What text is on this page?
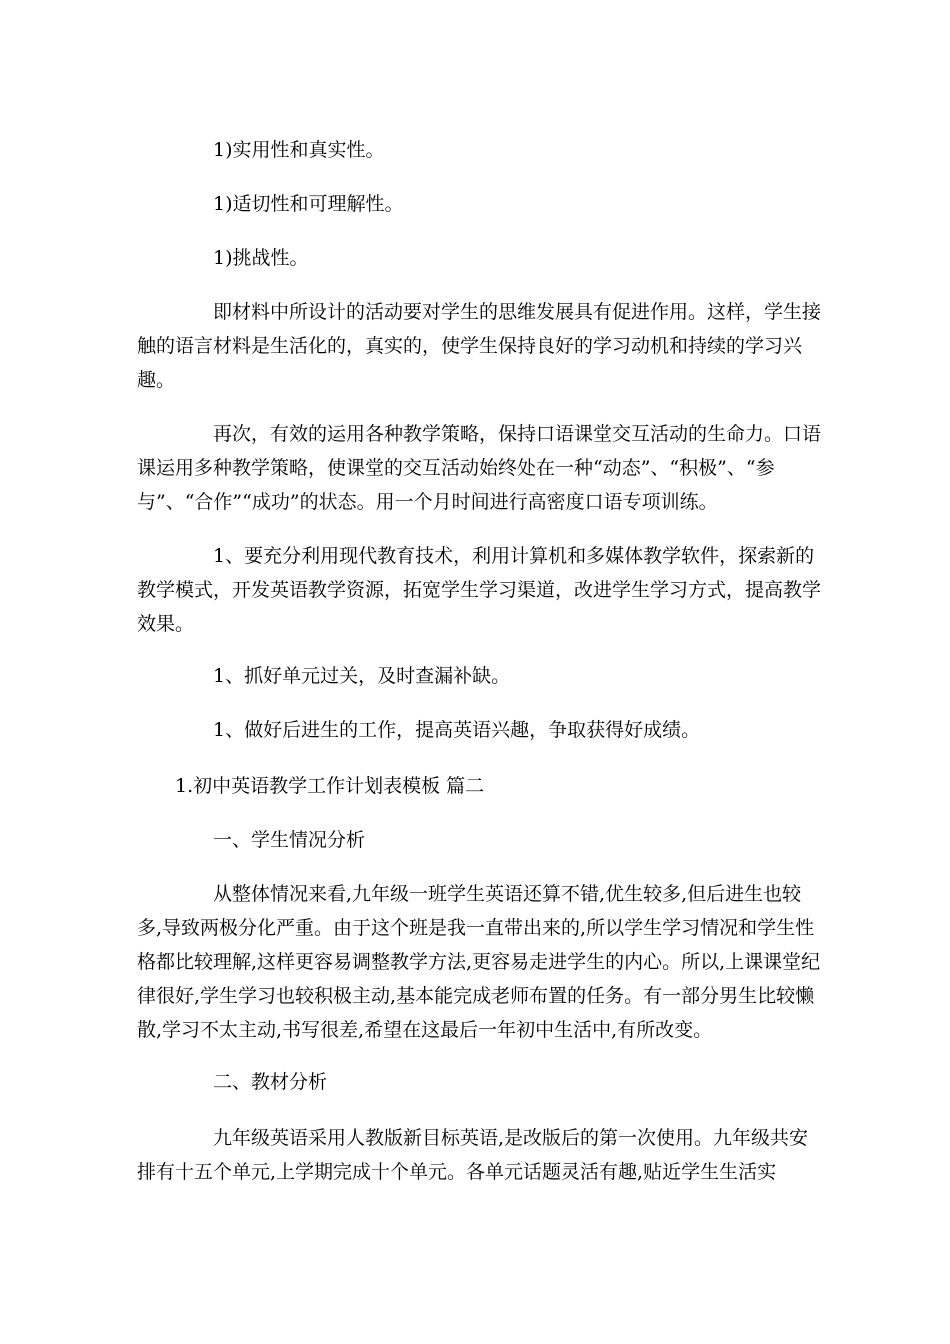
1)实用性和真实性。

1)适切性和可理解性。

1)挑战性。

即材料中所设计的活动要对学生的思维发展具有促进作用。这样，学生接触的语言材料是生活化的，真实的，使学生保持良好的学习动机和持续的学习兴趣。

再次，有效的运用各种教学策略，保持口语课堂交互活动的生命力。口语课运用多种教学策略，使课堂的交互活动始终处在一种“动态”、“积极”、“参与”、“合作”“成功”的状态。用一个月时间进行高密度口语专项训练。

1、要充分利用现代教育技术，利用计算机和多媒体教学软件，探索新的教学模式，开发英语教学资源，拓宽学生学习渠道，改进学生学习方式，提高教学效果。

1、抓好单元过关，及时查漏补缺。

1、做好后进生的工作，提高英语兴趣，争取获得好成绩。

1.初中英语教学工作计划表模板 篇二

一、学生情况分析

从整体情况来看,九年级一班学生英语还算不错,优生较多,但后进生也较多,导致两极分化严重。由于这个班是我一直带出来的,所以学生学习情况和学生性格都比较理解,这样更容易调整教学方法,更容易走进学生的内心。所以,上课课堂纪律很好,学生学习也较积极主动,基本能完成老师布置的任务。有一部分男生比较懒散,学习不太主动,书写很差,希望在这最后一年初中生活中,有所改变。

二、教材分析

九年级英语采用人教版新目标英语,是改版后的第一次使用。九年级共安排有十五个单元,上学期完成十个单元。各单元话题灵活有趣,贴近学生生活实
